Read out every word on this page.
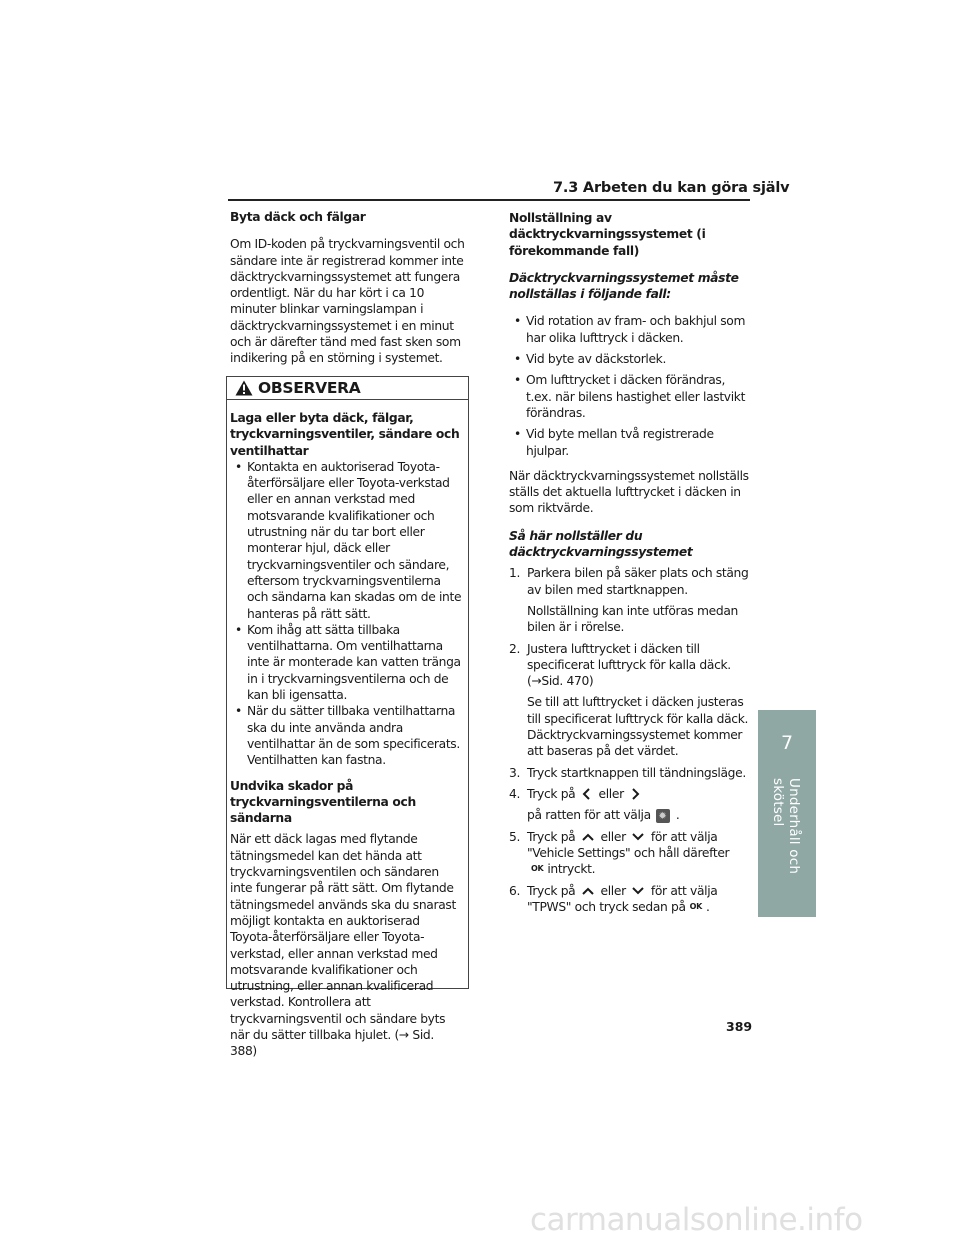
7.3 Arbeten du kan göra själv

Byta däck och fälgar

Om ID-koden på tryckvarningsventil och sändare inte är registrerad kommer inte däcktryckvarningssystemet att fungera ordentligt. När du har kört i ca 10 minuter blinkar varningslampan i däcktryckvarningssystemet i en minut och är därefter tänd med fast sken som indikering på en störning i systemet.

OBSERVERA

Laga eller byta däck, fälgar, tryckvarningsventiler, sändare och ventilhattar

• Kontakta en auktoriserad Toyota-återförsäljare eller Toyota-verkstad eller en annan verkstad med motsvarande kvalifikationer och utrustning när du tar bort eller monterar hjul, däck eller tryckvarningsventiler och sändare, eftersom tryckvarningsventilerna och sändarna kan skadas om de inte hanteras på rätt sätt.

• Kom ihåg att sätta tillbaka ventilhattarna. Om ventilhattarna inte är monterade kan vatten tränga in i tryckvarningsventilerna och de kan bli igensatta.

• När du sätter tillbaka ventilhattarna ska du inte använda andra ventilhattar än de som specificerats. Ventilhatten kan fastna.

Undvika skador på tryckvarningsventilerna och sändarna

När ett däck lagas med flytande tätningsmedel kan det hända att tryckvarningsventilen och sändaren inte fungerar på rätt sätt. Om flytande tätningsmedel används ska du snarast möjligt kontakta en auktoriserad Toyota-återförsäljare eller Toyota-verkstad, eller annan verkstad med motsvarande kvalifikationer och utrustning, eller annan kvalificerad verkstad. Kontrollera att tryckvarningsventil och sändare byts när du sätter tillbaka hjulet. (→ Sid. 388)

Nollställning av däcktryckvarningssystemet (i förekommande fall)

Däcktryckvarningssystemet måste nollställas i följande fall:

• Vid rotation av fram- och bakhjul som har olika lufttryck i däcken.

• Vid byte av däckstorlek.

• Om lufttrycket i däcken förändras, t.ex. när bilens hastighet eller lastvikt förändras.

• Vid byte mellan två registrerade hjulpar.

När däcktryckvarningssystemet nollställs ställs det aktuella lufttrycket i däcken in som riktvärde.

Så här nollställer du däcktryckvarningssystemet

1. Parkera bilen på säker plats och stäng av bilen med startknappen.

Nollställning kan inte utföras medan bilen är i rörelse.

2. Justera lufttrycket i däcken till specificerat lufttryck för kalla däck. (→Sid. 470)

Se till att lufttrycket i däcken justeras till specificerat lufttryck för kalla däck. Däcktryckvarningssystemet kommer att baseras på det värdet.

3. Tryck startknappen till tändningsläge.

4. Tryck på eller

på ratten för att välja ✹ .

5. Tryck på eller för att välja
"Vehicle Settings" och håll därefter
OK intryckt.

6. Tryck på eller för att välja
"TPWS" och tryck sedan på OK .

7
Underhåll och skötsel
389
carmanualsonline.info
